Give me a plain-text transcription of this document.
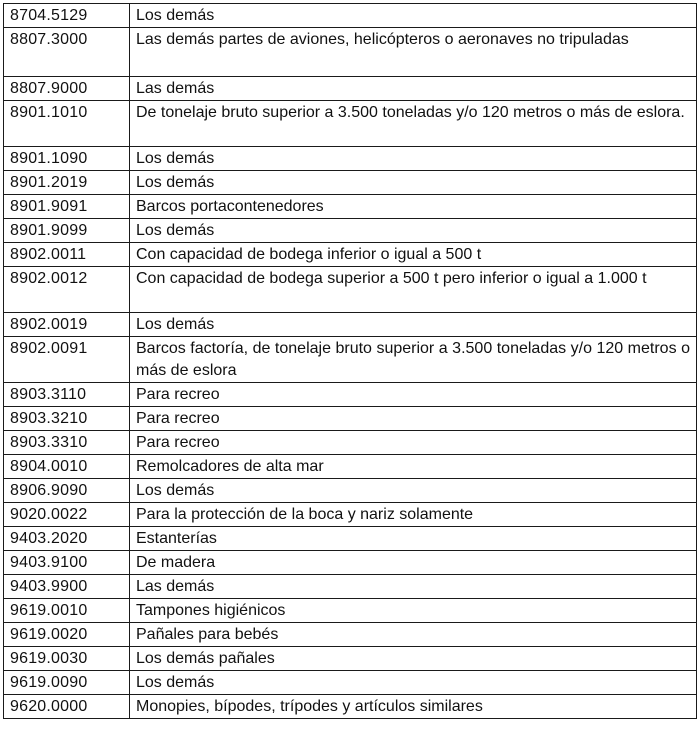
8704.5129	Los demás
8807.3000	Las demás partes de aviones, helicópteros o aeronaves no tripuladas
8807.9000	Las demás
8901.1010	De tonelaje bruto superior a 3.500 toneladas y/o 120 metros o más de eslora.
8901.1090	Los demás
8901.2019	Los demás
8901.9091	Barcos portacontenedores
8901.9099	Los demás
8902.0011	Con capacidad de bodega inferior o igual a 500 t
8902.0012	Con capacidad de bodega superior a 500 t pero inferior o igual a 1.000 t
8902.0019	Los demás
8902.0091	Barcos factoría, de tonelaje bruto superior a 3.500 toneladas y/o 120 metros o más de eslora
8903.3110	Para recreo
8903.3210	Para recreo
8903.3310	Para recreo
8904.0010	Remolcadores de alta mar
8906.9090	Los demás
9020.0022	Para la protección de la boca y nariz solamente
9403.2020	Estanterías
9403.9100	De madera
9403.9900	Las demás
9619.0010	Tampones higiénicos
9619.0020	Pañales para bebés
9619.0030	Los demás pañales
9619.0090	Los demás
9620.0000	Monopies, bípodes, trípodes y artículos similares
